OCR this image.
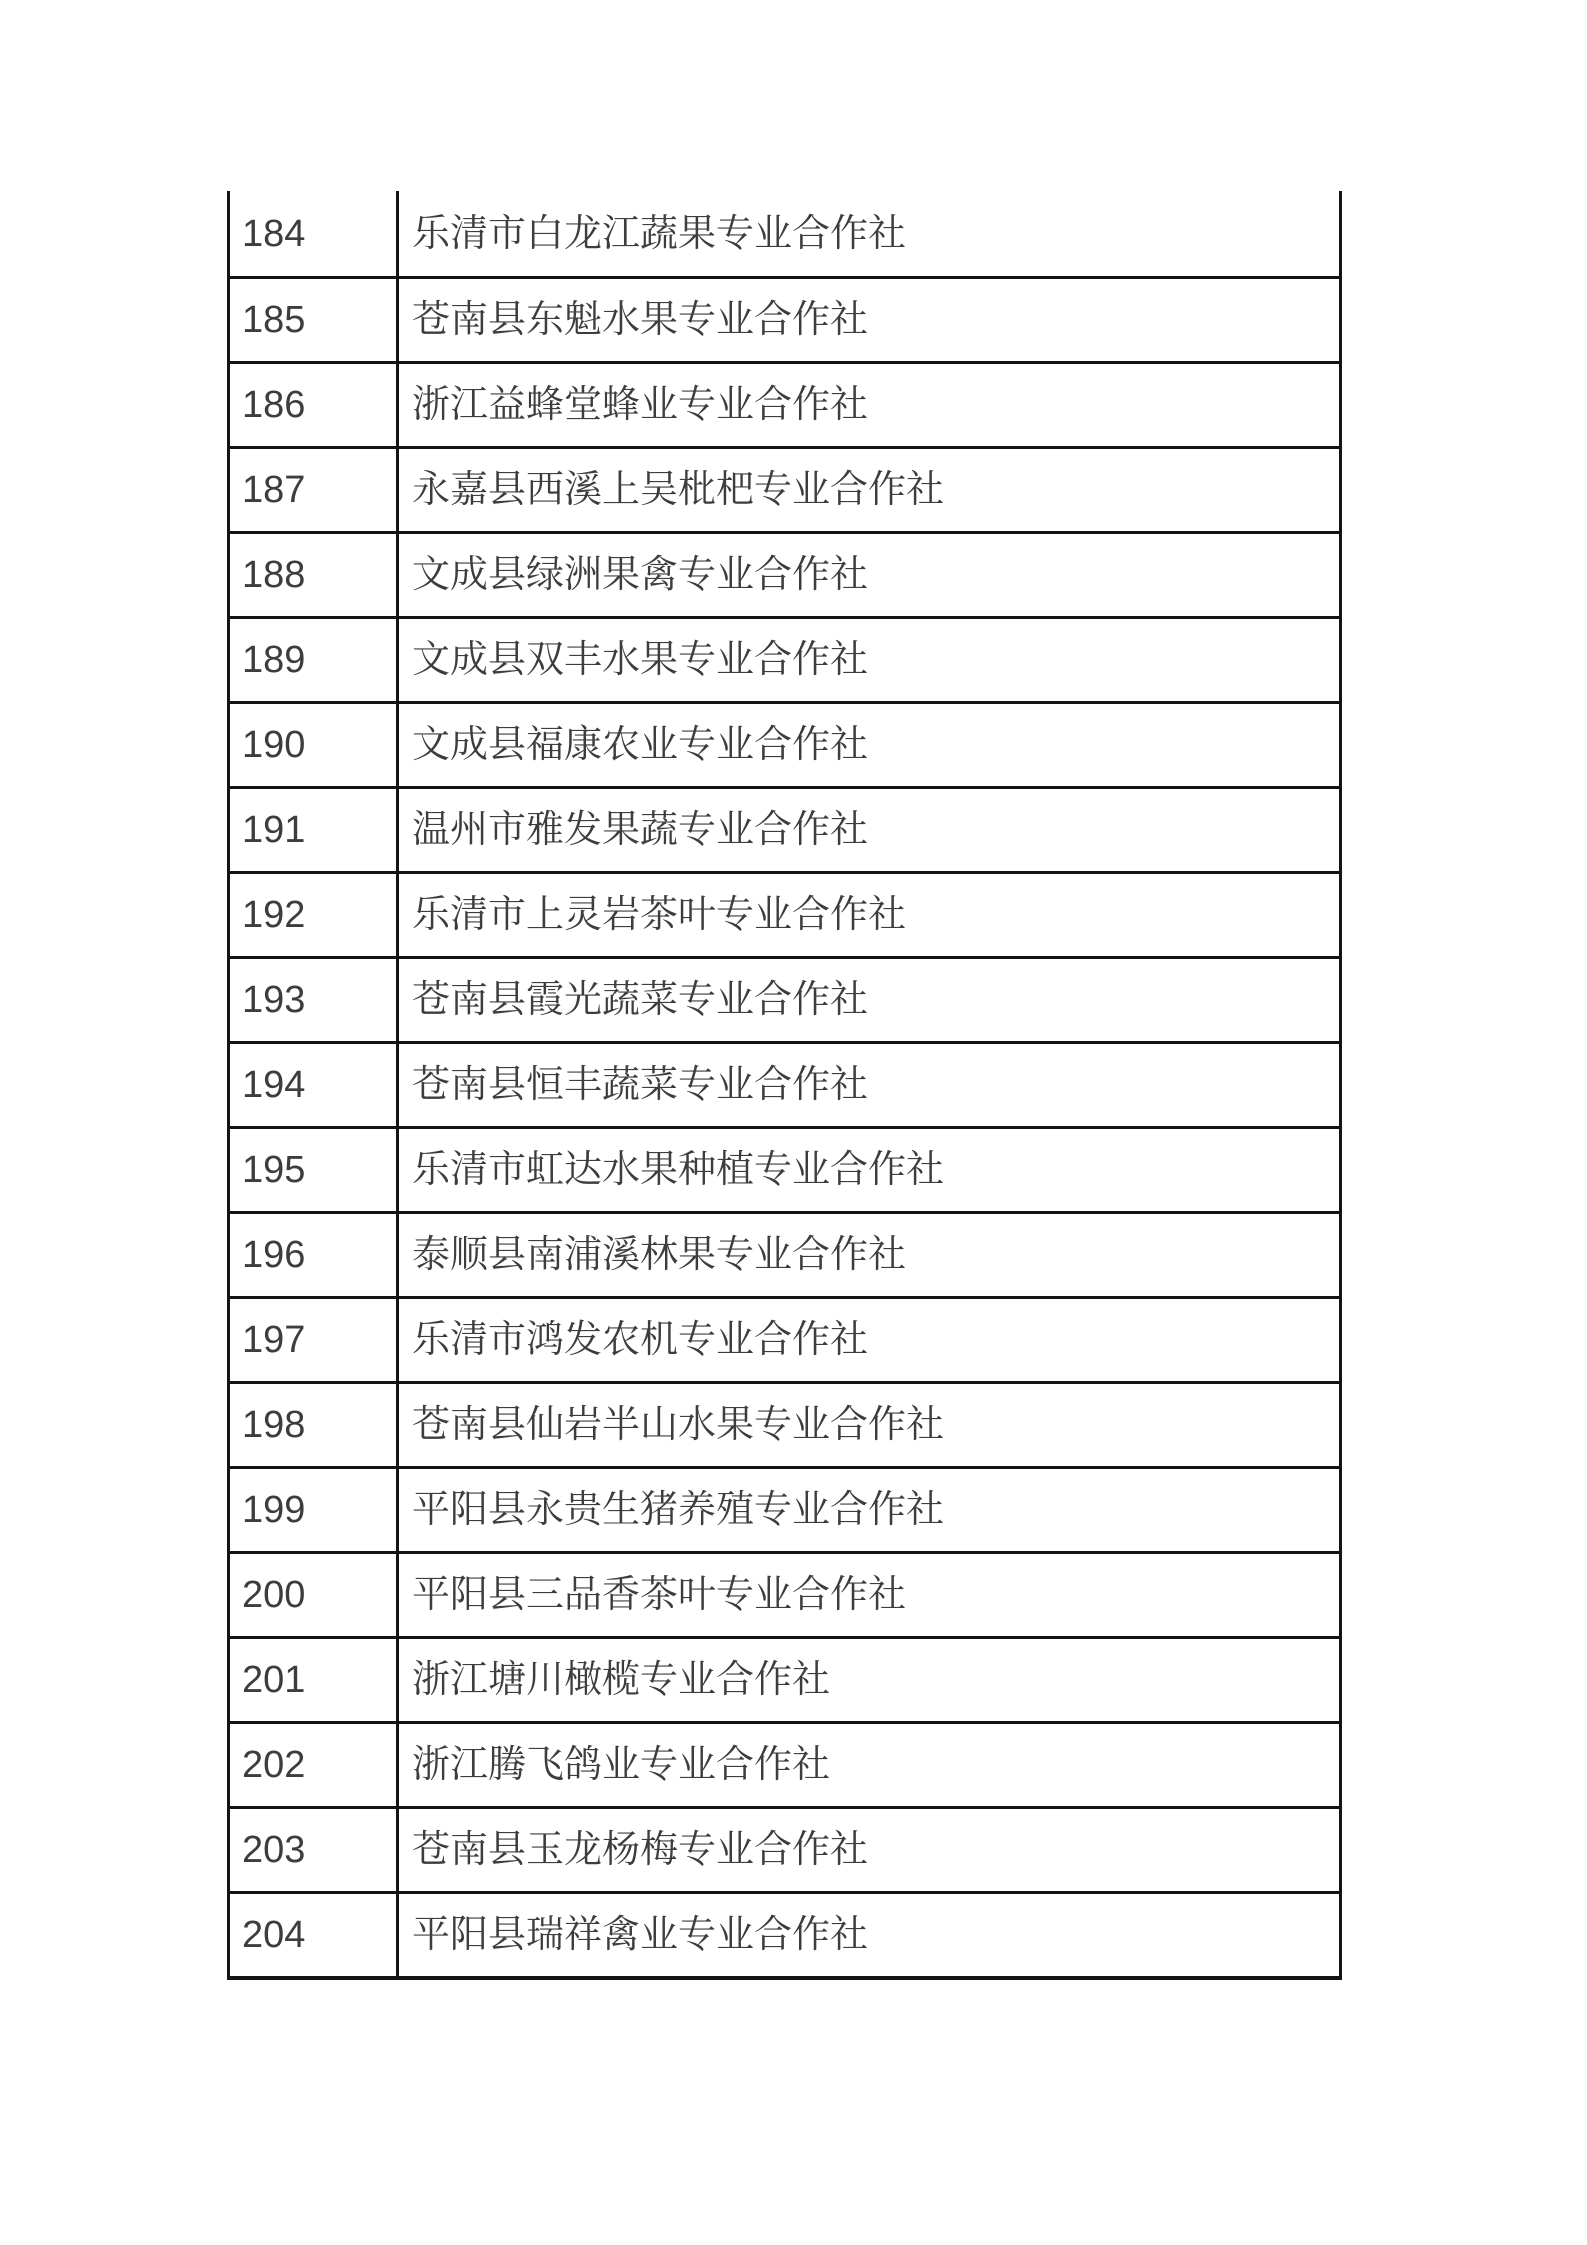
184	乐清市白龙江蔬果专业合作社
185	苍南县东魁水果专业合作社
186	浙江益蜂堂蜂业专业合作社
187	永嘉县西溪上吴枇杷专业合作社
188	文成县绿洲果禽专业合作社
189	文成县双丰水果专业合作社
190	文成县福康农业专业合作社
191	温州市雅发果蔬专业合作社
192	乐清市上灵岩茶叶专业合作社
193	苍南县霞光蔬菜专业合作社
194	苍南县恒丰蔬菜专业合作社
195	乐清市虹达水果种植专业合作社
196	泰顺县南浦溪林果专业合作社
197	乐清市鸿发农机专业合作社
198	苍南县仙岩半山水果专业合作社
199	平阳县永贵生猪养殖专业合作社
200	平阳县三品香茶叶专业合作社
201	浙江塘川橄榄专业合作社
202	浙江腾飞鸽业专业合作社
203	苍南县玉龙杨梅专业合作社
204	平阳县瑞祥禽业专业合作社
